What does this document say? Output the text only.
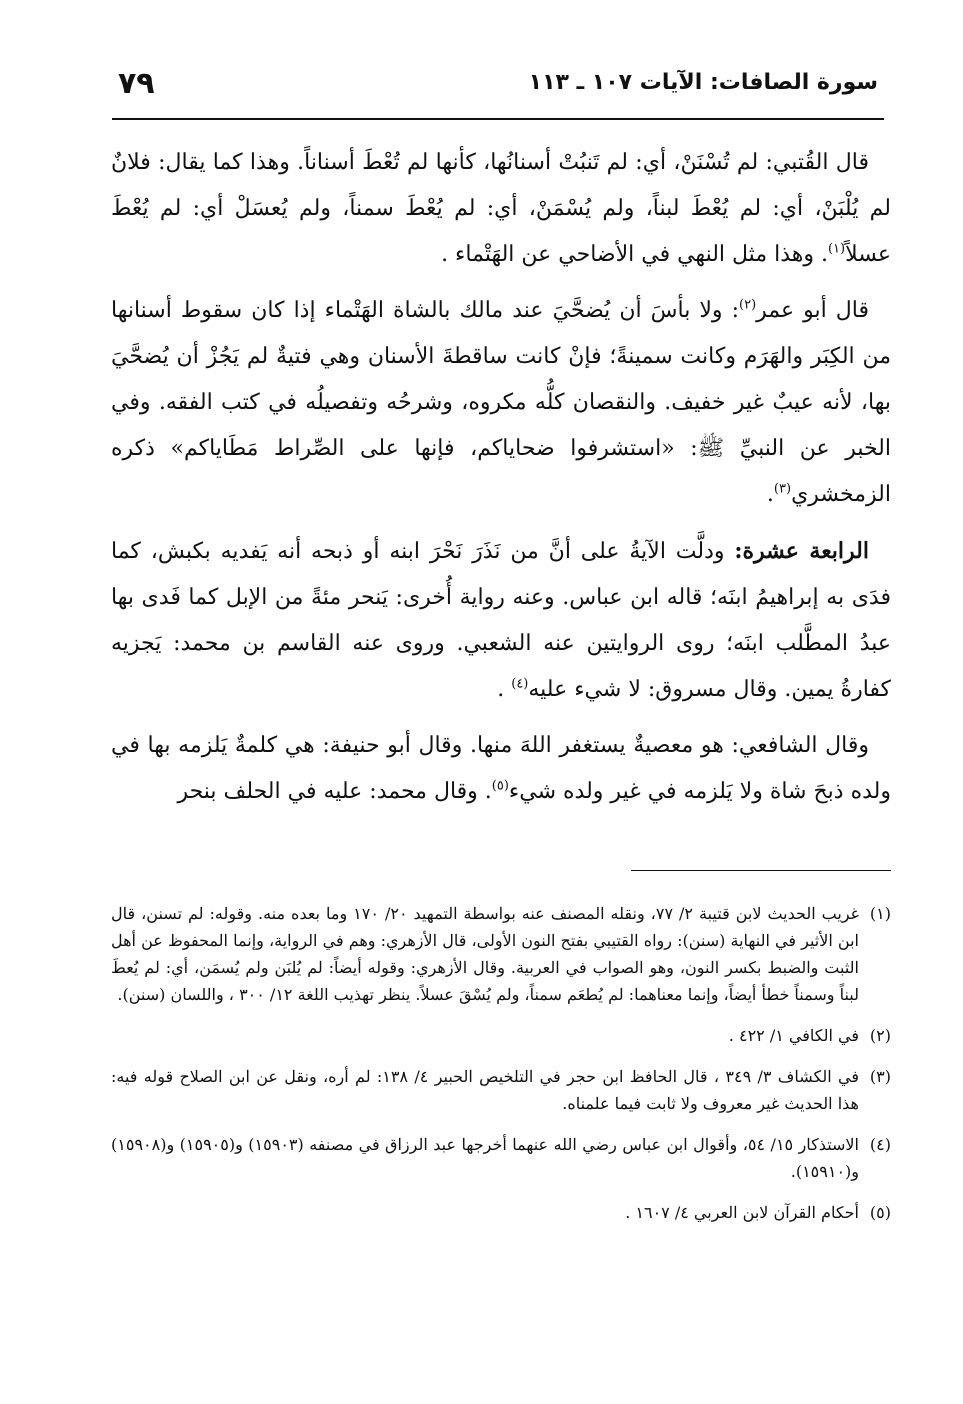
سورة الصافات: الآيات ١٠٧ ـ ١١٣
٧٩

قال القُتبي: لم تُسْنَنْ، أي: لم تَنبُتْ أسنانُها، كأنها لم تُعْطَ أسناناً. وهذا كما يقال: فلانٌ لم يُلْبَنْ، أي: لم يُعْطَ لبناً، ولم يُسْمَنْ، أي: لم يُعْطَ سمناً، ولم يُعسَلْ أي: لم يُعْطَ عسلاً$^{(١)}$. وهذا مثل النهي في الأضاحي عن الهَتْماء .

قال أبو عمر$^{(٢)}$: ولا بأسَ أن يُضحَّيَ عند مالك بالشاة الهَتْماء إذا كان سقوط أسنانها من الكِبَر والهَرَم وكانت سمينةً؛ فإنْ كانت ساقطةَ الأسنان وهي فتيةٌ لم يَجُزْ أن يُضحَّيَ بها، لأنه عيبٌ غير خفيف. والنقصان كلُّه مكروه، وشرحُه وتفصيلُه في كتب الفقه. وفي الخبر عن النبيِّ ﷺ: «استشرفوا ضحاياكم، فإنها على الصِّراط مَطَاياكم» ذكره الزمخشري$^{(٣)}$.

الرابعة عشرة: ودلَّت الآيةُ على أنَّ من نَذَرَ نَحْرَ ابنه أو ذبحه أنه يَفديه بكبش، كما فدَى به إبراهيمُ ابنَه؛ قاله ابن عباس. وعنه رواية أُخرى: يَنحر مئةً من الإبل كما فَدى بها عبدُ المطَّلب ابنَه؛ روى الروايتين عنه الشعبي. وروى عنه القاسم بن محمد: يَجزيه كفارةُ يمين. وقال مسروق: لا شيء عليه$^{(٤)}$ .

وقال الشافعي: هو معصيةٌ يستغفر اللهَ منها. وقال أبو حنيفة: هي كلمةٌ يَلزمه بها في ولده ذبحَ شاة ولا يَلزمه في غير ولده شيء$^{(٥)}$. وقال محمد: عليه في الحلف بنحر

(١)
غريب الحديث لابن قتيبة ٢/ ٧٧، ونقله المصنف عنه بواسطة التمهيد ٢٠/ ١٧٠ وما بعده منه. وقوله: لم تسنن، قال ابن الأثير في النهاية (سنن): رواه القتيبي بفتح النون الأولى، قال الأزهري: وهم في الرواية، وإنما المحفوظ عن أهل الثبت والضبط بكسر النون، وهو الصواب في العربية. وقال الأزهري: وقوله أيضاً: لم يُلبَن ولم يُسمَن، أي: لم يُعطَ لبناً وسمناً خطأ أيضاً، وإنما معناهما: لم يُطعَم سمناً، ولم يُسْقَ عسلاً. ينظر تهذيب اللغة ١٢/ ٣٠٠ ، واللسان (سنن).
(٢)
في الكافي ١/ ٤٢٢ .
(٣)
في الكشاف ٣/ ٣٤٩ ، قال الحافظ ابن حجر في التلخيص الحبير ٤/ ١٣٨: لم أره، ونقل عن ابن الصلاح قوله فيه: هذا الحديث غير معروف ولا ثابت فيما علمناه.
(٤)
الاستذكار ١٥/ ٥٤، وأقوال ابن عباس رضي الله عنهما أخرجها عبد الرزاق في مصنفه (١٥٩٠٣) و(١٥٩٠٥) و(١٥٩٠٨) و(١٥٩١٠).
(٥)
أحكام القرآن لابن العربي ٤/ ١٦٠٧ .
